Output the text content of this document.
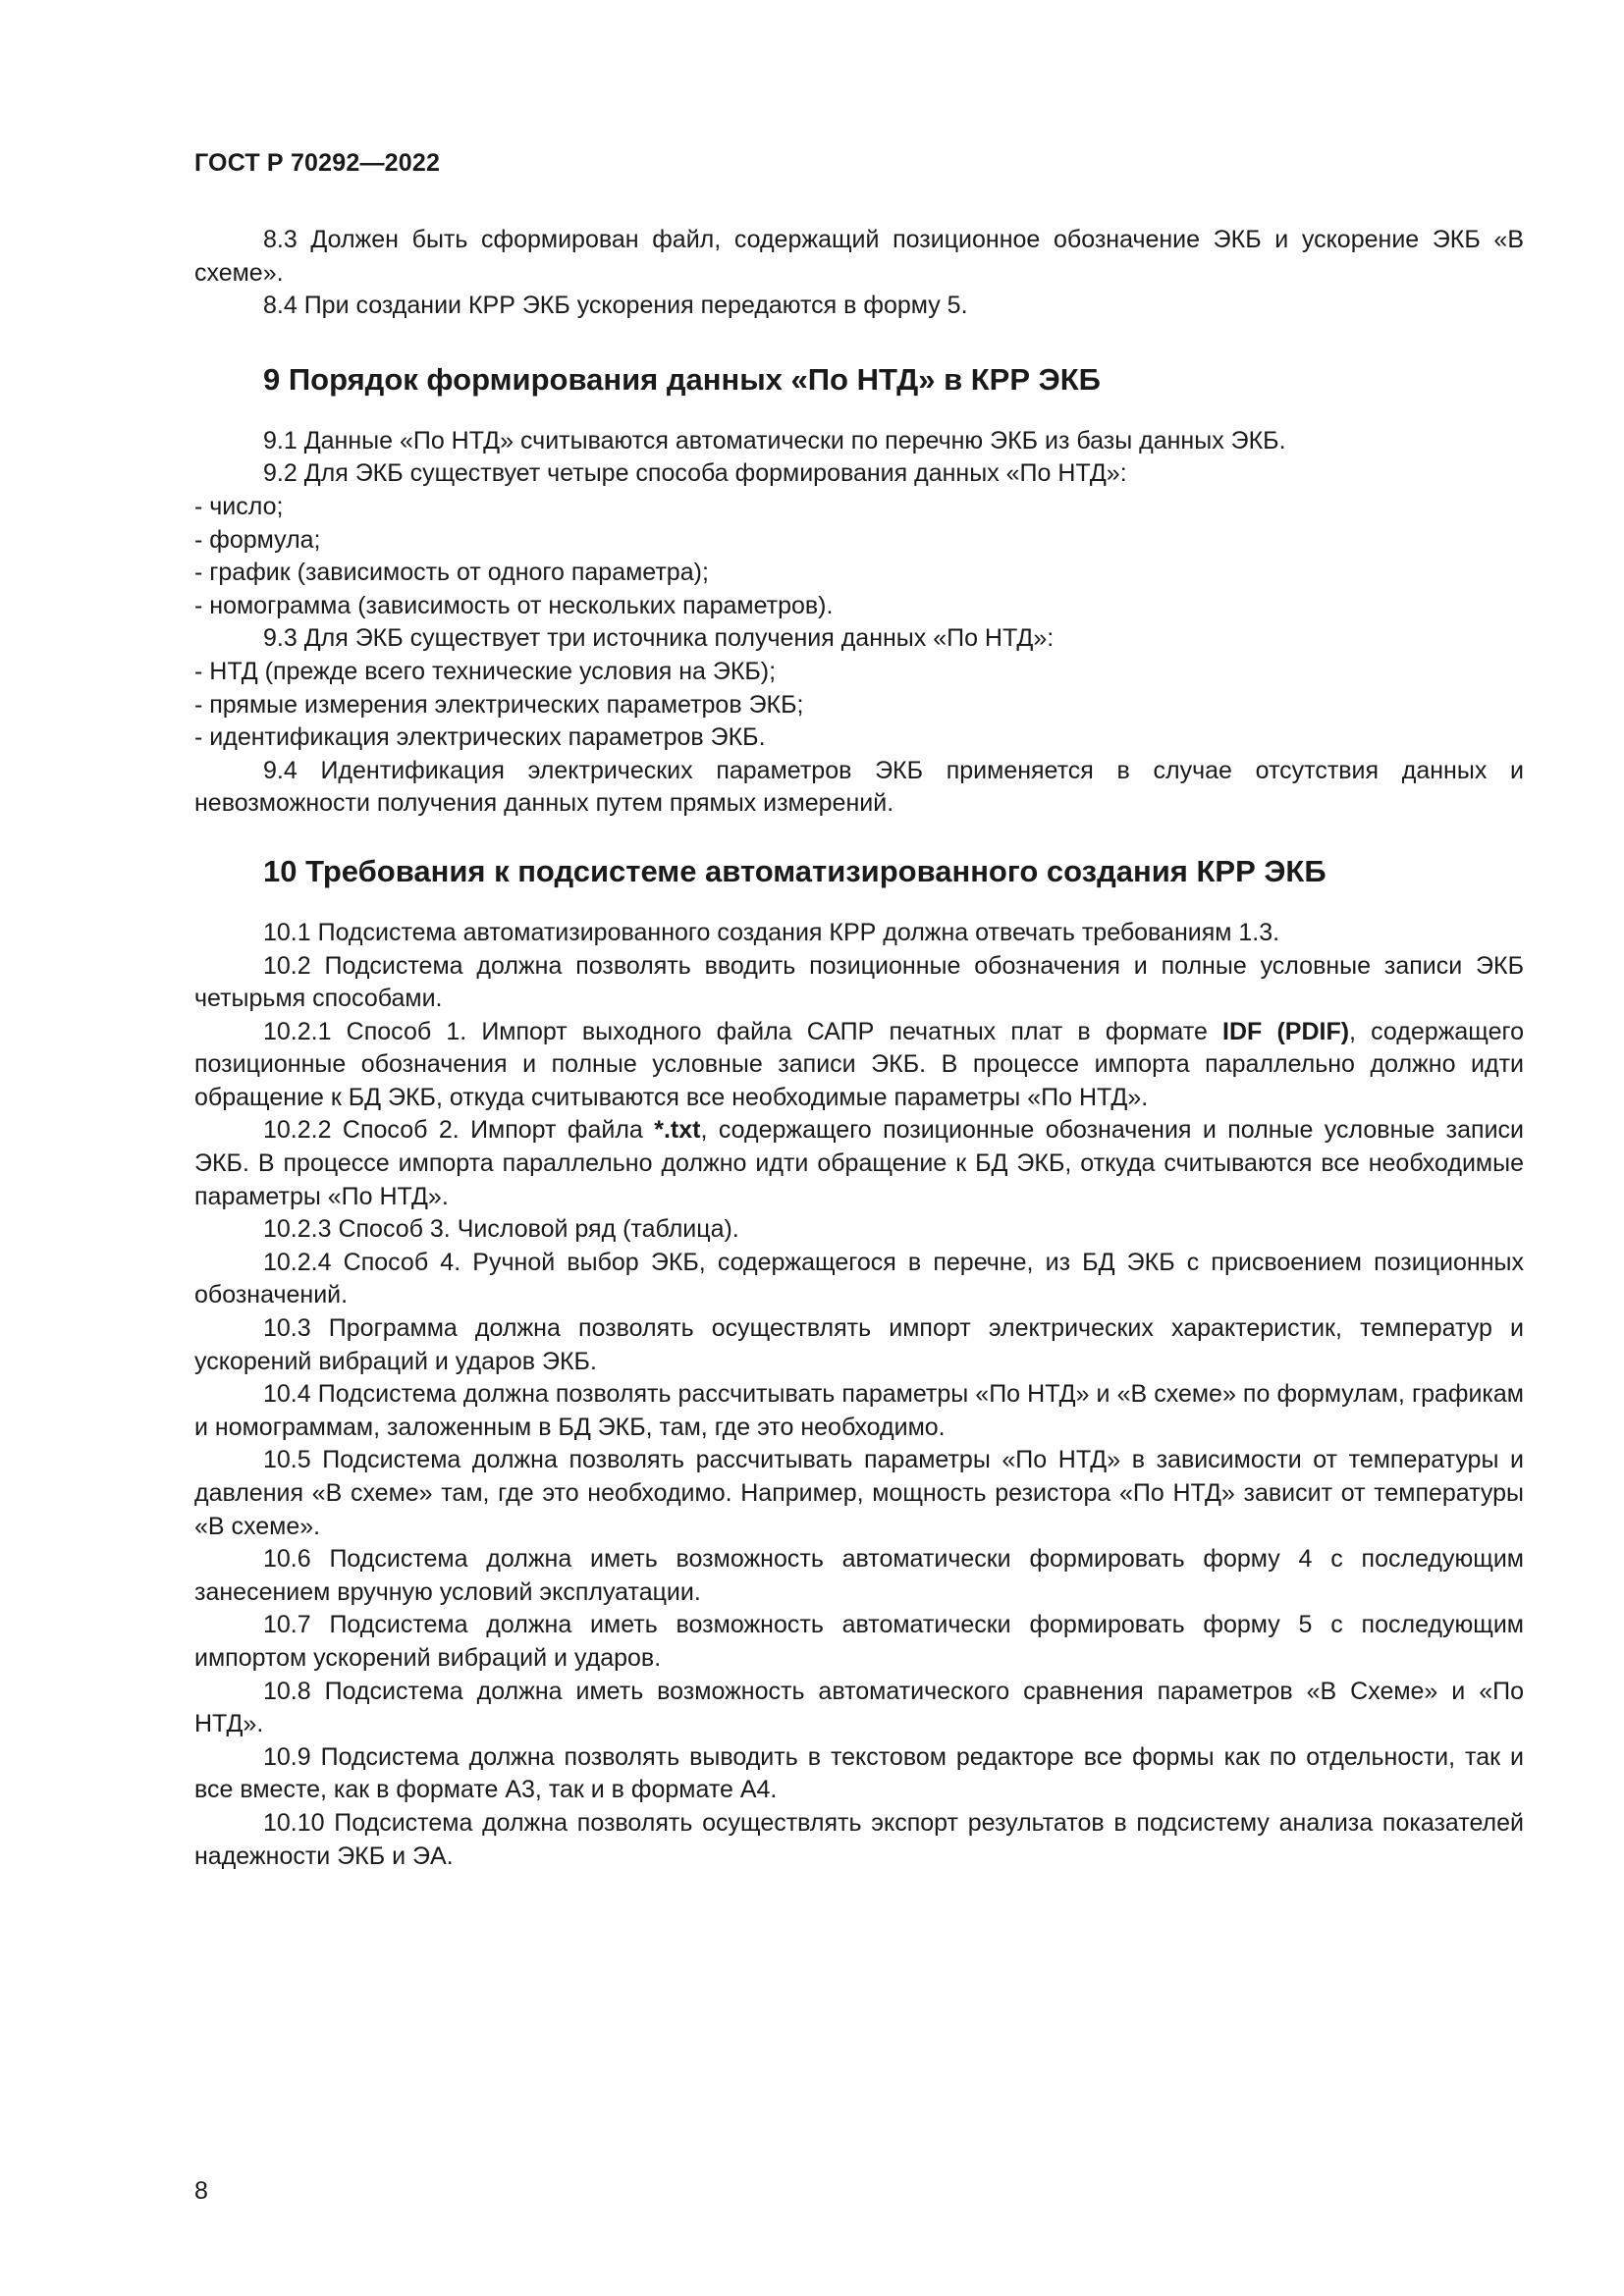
ГОСТ Р 70292—2022

8.3 Должен быть сформирован файл, содержащий позиционное обозначение ЭКБ и ускорение ЭКБ «В схеме».

8.4 При создании КРР ЭКБ ускорения передаются в форму 5.

9 Порядок формирования данных «По НТД» в КРР ЭКБ

9.1 Данные «По НТД» считываются автоматически по перечню ЭКБ из базы данных ЭКБ.

9.2 Для ЭКБ существует четыре способа формирования данных «По НТД»:

- число;

- формула;

- график (зависимость от одного параметра);

- номограмма (зависимость от нескольких параметров).

9.3 Для ЭКБ существует три источника получения данных «По НТД»:

- НТД (прежде всего технические условия на ЭКБ);

- прямые измерения электрических параметров ЭКБ;

- идентификация электрических параметров ЭКБ.

9.4 Идентификация электрических параметров ЭКБ применяется в случае отсутствия данных и невозможности получения данных путем прямых измерений.

10 Требования к подсистеме автоматизированного создания КРР ЭКБ

10.1 Подсистема автоматизированного создания КРР должна отвечать требованиям 1.3.

10.2 Подсистема должна позволять вводить позиционные обозначения и полные условные записи ЭКБ четырьмя способами.

10.2.1 Способ 1. Импорт выходного файла САПР печатных плат в формате IDF (PDIF), содержащего позиционные обозначения и полные условные записи ЭКБ. В процессе импорта параллельно должно идти обращение к БД ЭКБ, откуда считываются все необходимые параметры «По НТД».

10.2.2 Способ 2. Импорт файла *.txt, содержащего позиционные обозначения и полные условные записи ЭКБ. В процессе импорта параллельно должно идти обращение к БД ЭКБ, откуда считываются все необходимые параметры «По НТД».

10.2.3 Способ 3. Числовой ряд (таблица).

10.2.4 Способ 4. Ручной выбор ЭКБ, содержащегося в перечне, из БД ЭКБ с присвоением позиционных обозначений.

10.3 Программа должна позволять осуществлять импорт электрических характеристик, температур и ускорений вибраций и ударов ЭКБ.

10.4 Подсистема должна позволять рассчитывать параметры «По НТД» и «В схеме» по формулам, графикам и номограммам, заложенным в БД ЭКБ, там, где это необходимо.

10.5 Подсистема должна позволять рассчитывать параметры «По НТД» в зависимости от температуры и давления «В схеме» там, где это необходимо. Например, мощность резистора «По НТД» зависит от температуры «В схеме».

10.6 Подсистема должна иметь возможность автоматически формировать форму 4 с последующим занесением вручную условий эксплуатации.

10.7 Подсистема должна иметь возможность автоматически формировать форму 5 с последующим импортом ускорений вибраций и ударов.

10.8 Подсистема должна иметь возможность автоматического сравнения параметров «В Схеме» и «По НТД».

10.9 Подсистема должна позволять выводить в текстовом редакторе все формы как по отдельности, так и все вместе, как в формате А3, так и в формате А4.

10.10 Подсистема должна позволять осуществлять экспорт результатов в подсистему анализа показателей надежности ЭКБ и ЭА.

8
